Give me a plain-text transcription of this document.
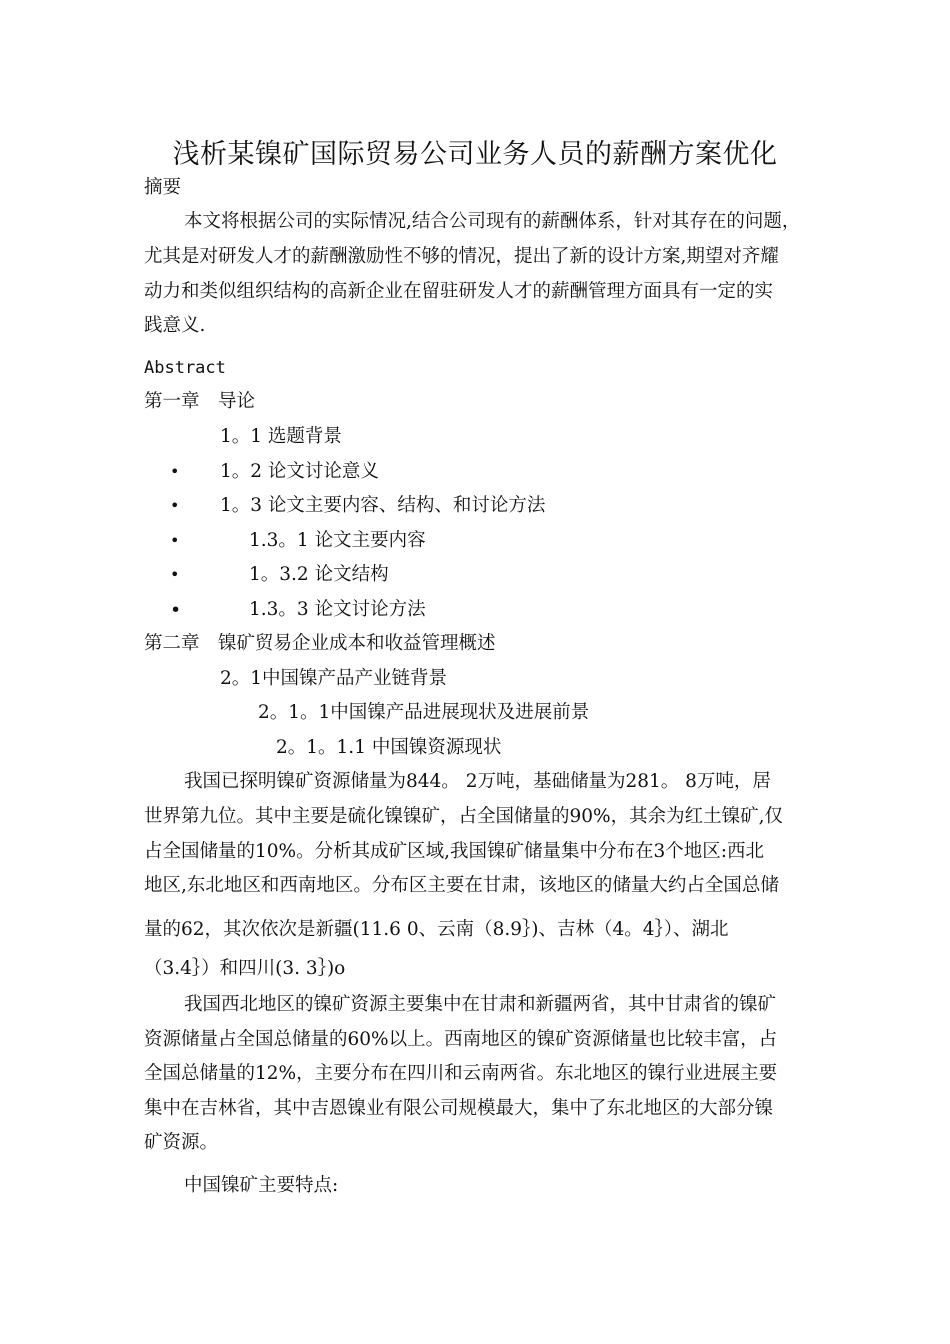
浅析某镍矿国际贸易公司业务人员的薪酬方案优化
摘要
本文将根据公司的实际情况,结合公司现有的薪酬体系，针对其存在的问题，
尤其是对研发人才的薪酬激励性不够的情况，提出了新的设计方案,期望对齐耀
动力和类似组织结构的高新企业在留驻研发人才的薪酬管理方面具有一定的实
践意义.
Abstract
第一章　导论
1。1 选题背景
• 1。2 论文讨论意义
• 1。3 论文主要内容、结构、和讨论方法
•	1.3。1 论文主要内容
•	1。3.2 论文结构
•	1.3。3 论文讨论方法
第二章　镍矿贸易企业成本和收益管理概述
2。1中国镍产品产业链背景
2。1。1中国镍产品进展现状及进展前景
2。1。1.1 中国镍资源现状
我国已探明镍矿资源储量为844。 2万吨，基础储量为281。 8万吨，居
世界第九位。其中主要是硫化镍镍矿，占全国储量的90%，其余为红土镍矿,仅
占全国储量的10%。分析其成矿区域,我国镍矿储量集中分布在3个地区:西北
地区,东北地区和西南地区。分布区主要在甘肃，该地区的储量大约占全国总储
量的62，其次依次是新疆(11.6 0、云南（8.9｝)、吉林（4。4｝）、湖北
（3.4｝）和四川(3. 3｝)o
我国西北地区的镍矿资源主要集中在甘肃和新疆两省，其中甘肃省的镍矿
资源储量占全国总储量的60%以上。西南地区的镍矿资源储量也比较丰富，占
全国总储量的12%，主要分布在四川和云南两省。东北地区的镍行业进展主要
集中在吉林省，其中吉恩镍业有限公司规模最大，集中了东北地区的大部分镍
矿资源。
中国镍矿主要特点:
